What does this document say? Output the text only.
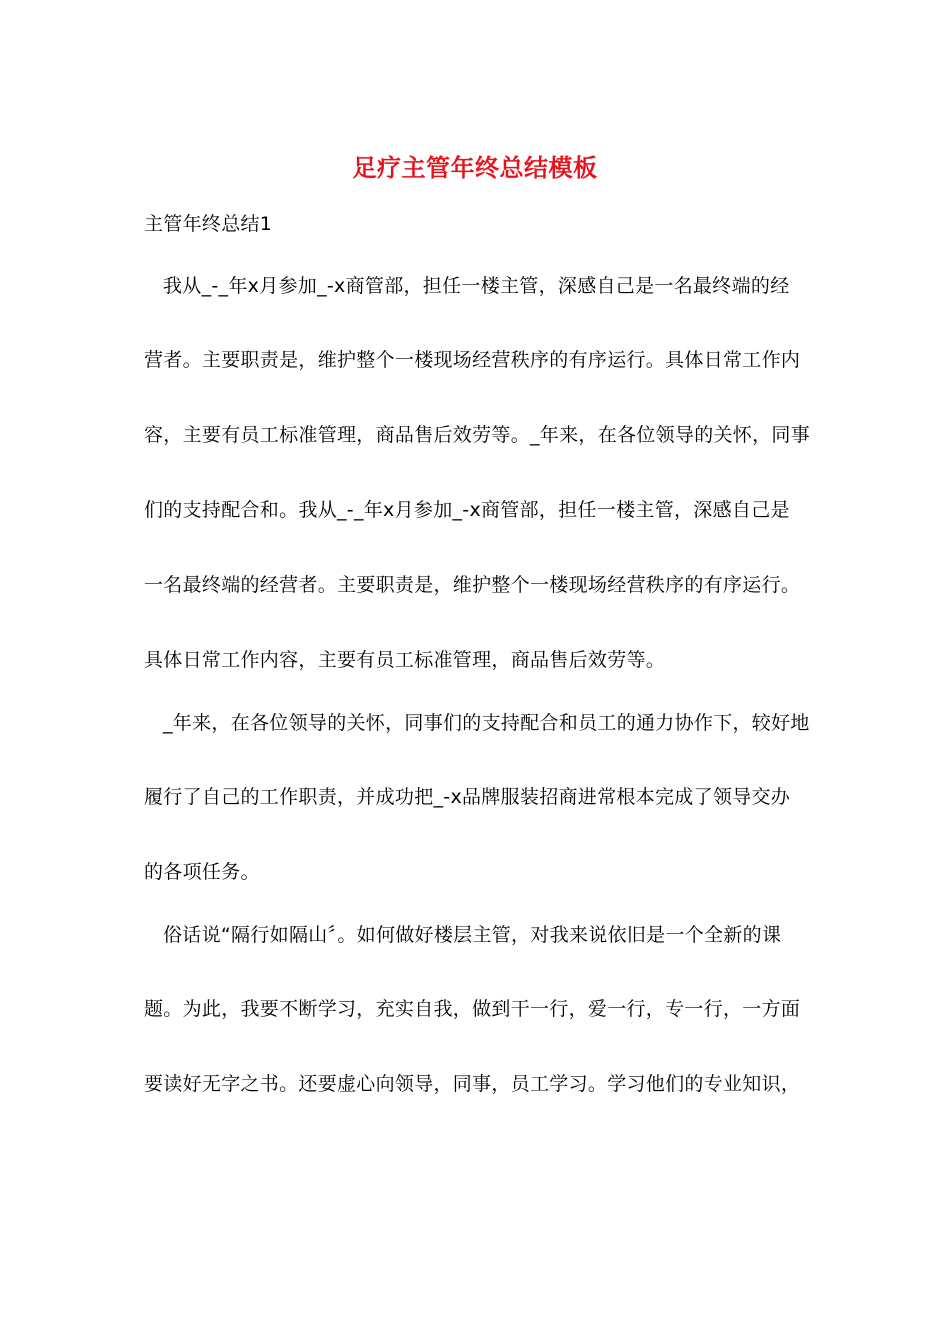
足疗主管年终总结模板
主管年终总结1
我从_-_年x月参加_-x商管部，担任一楼主管，深感自己是一名最终端的经
营者。主要职责是，维护整个一楼现场经营秩序的有序运行。具体日常工作内
容，主要有员工标准管理，商品售后效劳等。_年来，在各位领导的关怀，同事
们的支持配合和。我从_-_年x月参加_-x商管部，担任一楼主管，深感自己是
一名最终端的经营者。主要职责是，维护整个一楼现场经营秩序的有序运行。
具体日常工作内容，主要有员工标准管理，商品售后效劳等。
_年来，在各位领导的关怀，同事们的支持配合和员工的通力协作下，较好地
履行了自己的工作职责，并成功把_-x品牌服装招商进常根本完成了领导交办
的各项任务。
俗话说“隔行如隔山〞。如何做好楼层主管，对我来说依旧是一个全新的课
题。为此，我要不断学习，充实自我，做到干一行，爱一行，专一行，一方面
要读好无字之书。还要虚心向领导，同事，员工学习。学习他们的专业知识，
